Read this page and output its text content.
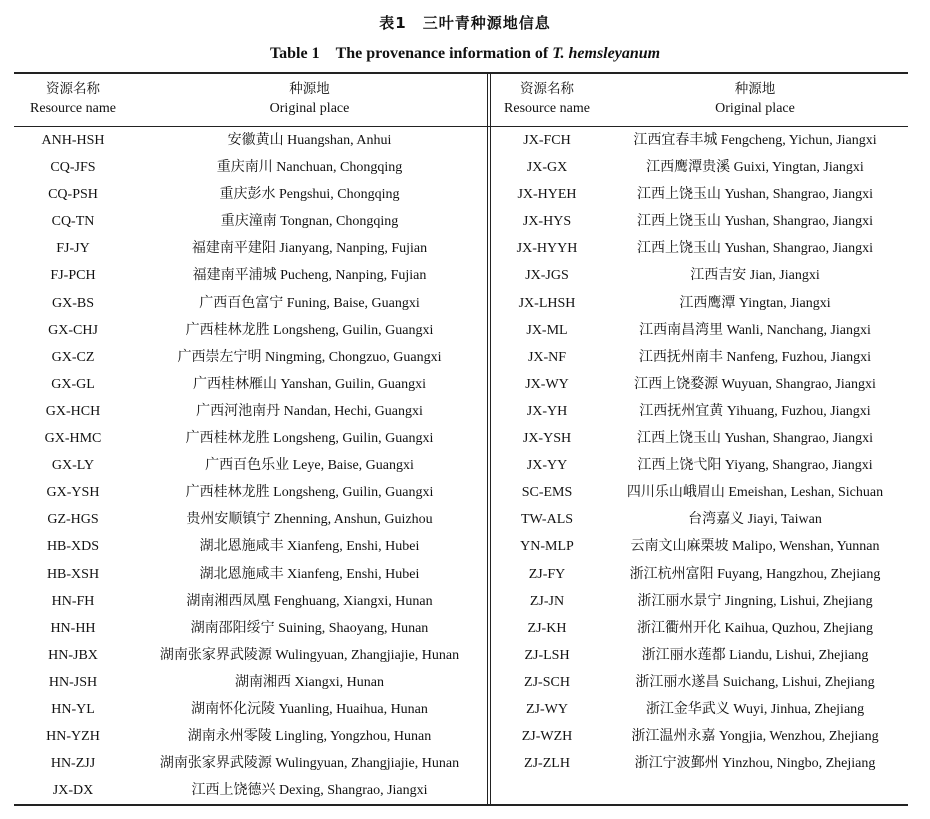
表1　三叶青种源地信息
Table 1　The provenance information of T. hemsleyanum
资源名称
Resource name
种源地
Original place
资源名称
Resource name
种源地
Original place
ANH-HSH
CQ-JFS
CQ-PSH
CQ-TN
FJ-JY
FJ-PCH
GX-BS
GX-CHJ
GX-CZ
GX-GL
GX-HCH
GX-HMC
GX-LY
GX-YSH
GZ-HGS
HB-XDS
HB-XSH
HN-FH
HN-HH
HN-JBX
HN-JSH
HN-YL
HN-YZH
HN-ZJJ
JX-DX
安徽黄山 Huangshan, Anhui
重庆南川 Nanchuan, Chongqing
重庆彭水 Pengshui, Chongqing
重庆潼南 Tongnan, Chongqing
福建南平建阳 Jianyang, Nanping, Fujian
福建南平浦城 Pucheng, Nanping, Fujian
广西百色富宁 Funing, Baise, Guangxi
广西桂林龙胜 Longsheng, Guilin, Guangxi
广西崇左宁明 Ningming, Chongzuo, Guangxi
广西桂林雁山 Yanshan, Guilin, Guangxi
广西河池南丹 Nandan, Hechi, Guangxi
广西桂林龙胜 Longsheng, Guilin, Guangxi
广西百色乐业 Leye, Baise, Guangxi
广西桂林龙胜 Longsheng, Guilin, Guangxi
贵州安顺镇宁 Zhenning, Anshun, Guizhou
湖北恩施咸丰 Xianfeng, Enshi, Hubei
湖北恩施咸丰 Xianfeng, Enshi, Hubei
湖南湘西凤凰 Fenghuang, Xiangxi, Hunan
湖南邵阳绥宁 Suining, Shaoyang, Hunan
湖南张家界武陵源 Wulingyuan, Zhangjiajie, Hunan
湖南湘西 Xiangxi, Hunan
湖南怀化沅陵 Yuanling, Huaihua, Hunan
湖南永州零陵 Lingling, Yongzhou, Hunan
湖南张家界武陵源 Wulingyuan, Zhangjiajie, Hunan
江西上饶德兴 Dexing, Shangrao, Jiangxi
JX-FCH
JX-GX
JX-HYEH
JX-HYS
JX-HYYH
JX-JGS
JX-LHSH
JX-ML
JX-NF
JX-WY
JX-YH
JX-YSH
JX-YY
SC-EMS
TW-ALS
YN-MLP
ZJ-FY
ZJ-JN
ZJ-KH
ZJ-LSH
ZJ-SCH
ZJ-WY
ZJ-WZH
ZJ-ZLH
江西宜春丰城 Fengcheng, Yichun, Jiangxi
江西鹰潭贵溪 Guixi, Yingtan, Jiangxi
江西上饶玉山 Yushan, Shangrao, Jiangxi
江西上饶玉山 Yushan, Shangrao, Jiangxi
江西上饶玉山 Yushan, Shangrao, Jiangxi
江西吉安 Jian, Jiangxi
江西鹰潭 Yingtan, Jiangxi
江西南昌湾里 Wanli, Nanchang, Jiangxi
江西抚州南丰 Nanfeng, Fuzhou, Jiangxi
江西上饶婺源 Wuyuan, Shangrao, Jiangxi
江西抚州宜黄 Yihuang, Fuzhou, Jiangxi
江西上饶玉山 Yushan, Shangrao, Jiangxi
江西上饶弋阳 Yiyang, Shangrao, Jiangxi
四川乐山峨眉山 Emeishan, Leshan, Sichuan
台湾嘉义 Jiayi, Taiwan
云南文山麻栗坡 Malipo, Wenshan, Yunnan
浙江杭州富阳 Fuyang, Hangzhou, Zhejiang
浙江丽水景宁 Jingning, Lishui, Zhejiang
浙江衢州开化 Kaihua, Quzhou, Zhejiang
浙江丽水莲都 Liandu, Lishui, Zhejiang
浙江丽水遂昌 Suichang, Lishui, Zhejiang
浙江金华武义 Wuyi, Jinhua, Zhejiang
浙江温州永嘉 Yongjia, Wenzhou, Zhejiang
浙江宁波鄞州 Yinzhou, Ningbo, Zhejiang
